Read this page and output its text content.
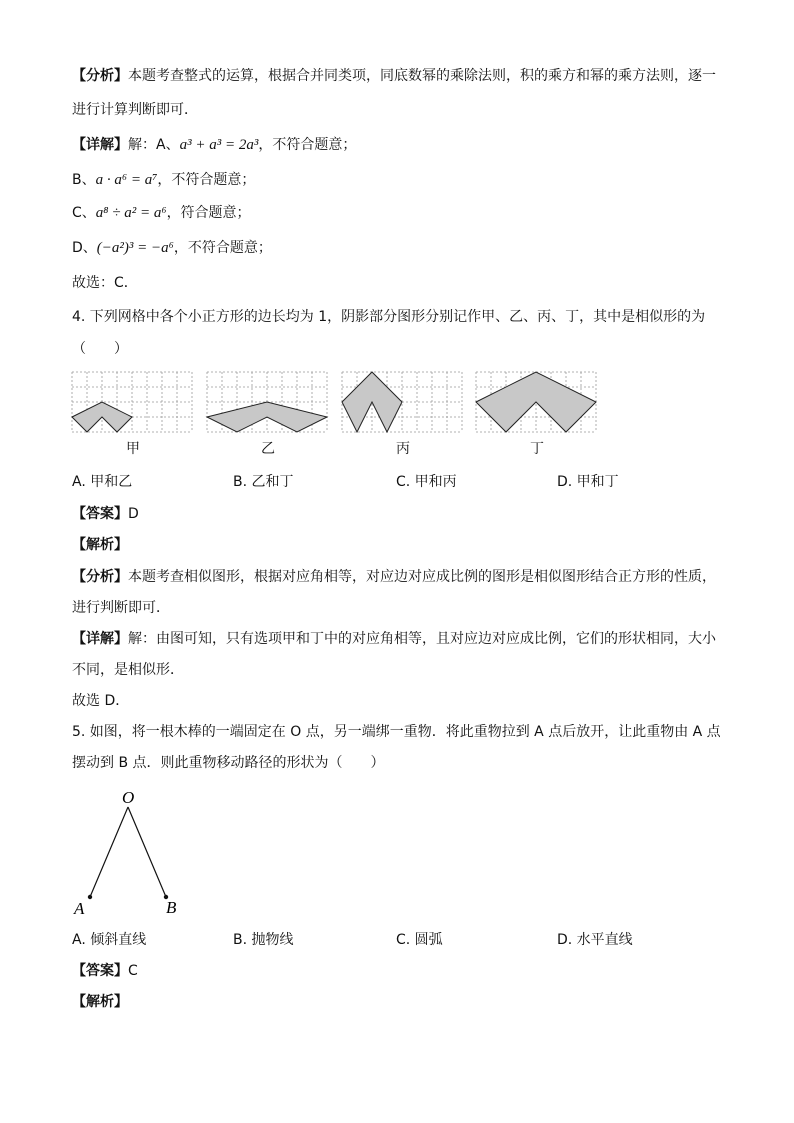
【分析】本题考查整式的运算，根据合并同类项，同底数幂的乘除法则，积的乘方和幂的乘方法则，逐一
进行计算判断即可．
【详解】解：A、a³ + a³ = 2a³，不符合题意；
B、a · a⁶ = a⁷，不符合题意；
C、a⁸ ÷ a² = a⁶，符合题意；
D、(−a²)³ = −a⁶，不符合题意；
故选：C．
4. 下列网格中各个小正方形的边长均为 1，阴影部分图形分别记作甲、乙、丙、丁，其中是相似形的为
（　　）
甲	乙	丙	丁
A. 甲和乙	B. 乙和丁	C. 甲和丙	D. 甲和丁
【答案】D
【解析】
【分析】本题考查相似图形，根据对应角相等，对应边对应成比例的图形是相似图形结合正方形的性质，
进行判断即可．
【详解】解：由图可知，只有选项甲和丁中的对应角相等，且对应边对应成比例，它们的形状相同，大小
不同，是相似形．
故选 D．
5. 如图，将一根木棒的一端固定在 O 点，另一端绑一重物．将此重物拉到 A 点后放开，让此重物由 A 点
摆动到 B 点．则此重物移动路径的形状为（　　）
O
A	B
A. 倾斜直线	B. 抛物线	C. 圆弧	D. 水平直线
【答案】C
【解析】
